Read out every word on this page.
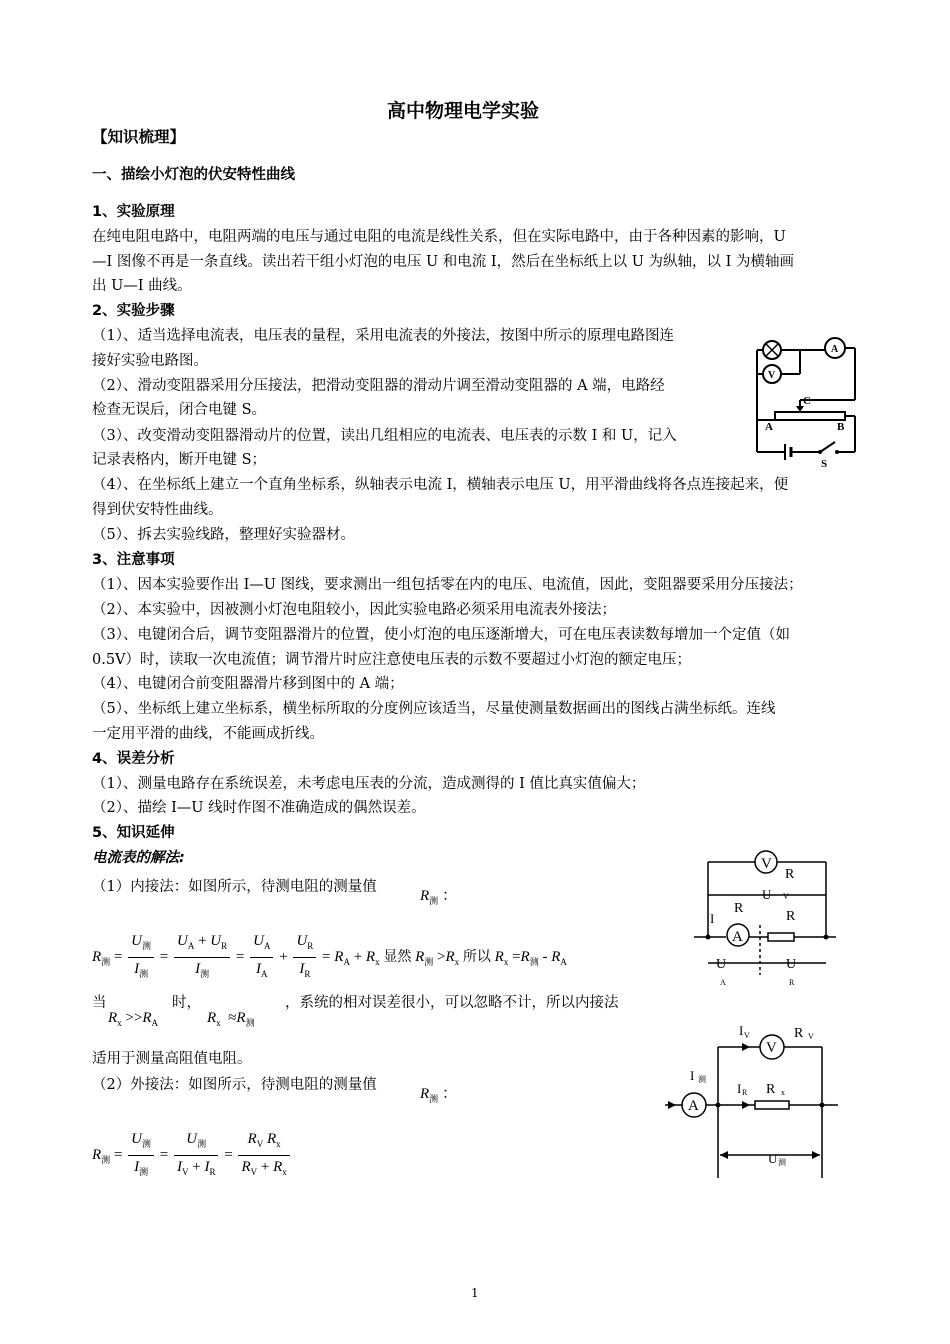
高中物理电学实验
【知识梳理】
一、描绘小灯泡的伏安特性曲线
1、实验原理
在纯电阻电路中，电阻两端的电压与通过电阻的电流是线性关系，但在实际电路中，由于各种因素的影响，U
—I 图像不再是一条直线。读出若干组小灯泡的电压 U 和电流 I，然后在坐标纸上以 U 为纵轴，以 I 为横轴画
出 U—I 曲线。
2、实验步骤
（1）、适当选择电流表，电压表的量程，采用电流表的外接法，按图中所示的原理电路图连
接好实验电路图。
（2）、滑动变阻器采用分压接法，把滑动变阻器的滑动片调至滑动变阻器的 A 端，电路经
检查无误后，闭合电键 S。
（3）、改变滑动变阻器滑动片的位置，读出几组相应的电流表、电压表的示数 I 和 U，记入
记录表格内，断开电键 S；
（4）、在坐标纸上建立一个直角坐标系，纵轴表示电流 I，横轴表示电压 U，用平滑曲线将各点连接起来，便
得到伏安特性曲线。
（5）、拆去实验线路，整理好实验器材。
3、注意事项
（1）、因本实验要作出 I—U 图线，要求测出一组包括零在内的电压、电流值，因此，变阻器要采用分压接法；
（2）、本实验中，因被测小灯泡电阻较小，因此实验电路必须采用电流表外接法；
（3）、电键闭合后，调节变阻器滑片的位置，使小灯泡的电压逐渐增大，可在电压表读数每增加一个定值（如
0.5V）时，读取一次电流值；调节滑片时应注意使电压表的示数不要超过小灯泡的额定电压；
（4）、电键闭合前变阻器滑片移到图中的 A 端；
（5）、坐标纸上建立坐标系，横坐标所取的分度例应该适当，尽量使测量数据画出的图线占满坐标纸。连线
一定用平滑的曲线，不能画成折线。
4、误差分析
（1）、测量电路存在系统误差，未考虑电压表的分流，造成测得的 I 值比真实值偏大；
（2）、描绘 I—U 线时作图不准确造成的偶然误差。
5、知识延伸
电流表的解法:
（1）内接法：如图所示，待测电阻的测量值
$R_测$ ：
$R_测 = \frac{U_测}{I_测} = \frac{U_A + U_R}{I_测} = \frac{U_A}{I_A} + \frac{U_R}{I_R} = R_A + R_x$ 显然 $R_测 >R_x$ 所以 $R_x =R_测 - R_A$
当
$R_x >>R_A$
时，
$R_x \approx R_测$
，系统的相对误差很小，可以忽略不计，所以内接法
适用于测量高阻值电阻。
（2）外接法：如图所示，待测电阻的测量值
$R_测$ ：
$R_测 = \frac{U_测}{I_测} = \frac{U_测}{I_V + I_R} = \frac{R_V R_x}{R_V + R_x}$
A
V
C
A	B
S
V
R
U V
R
R
I
A
U	U
A	R
V
A
I V	R V
I 测
I R R x
U 测
1
